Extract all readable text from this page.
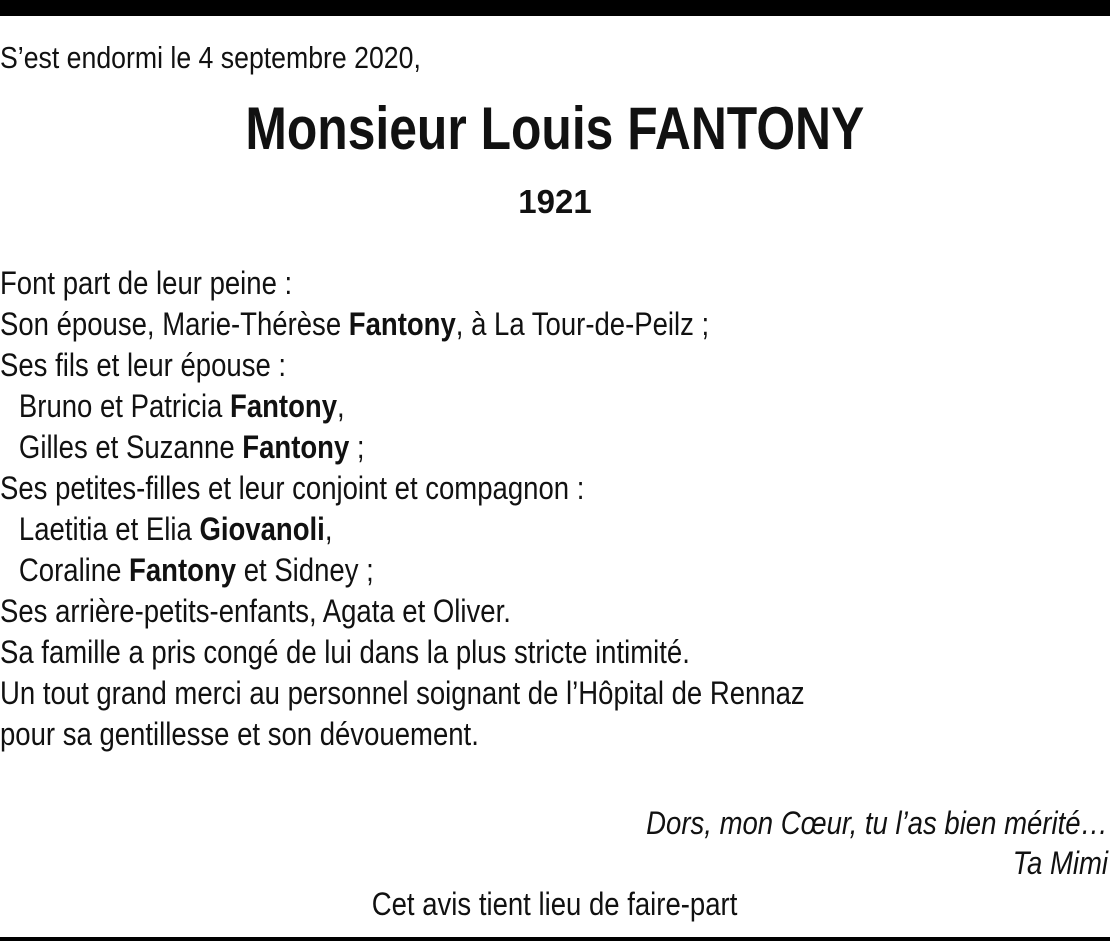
S’est endormi le 4 septembre 2020,
Monsieur Louis FANTONY
1921
Font part de leur peine :
Son épouse, Marie-Thérèse Fantony, à La Tour-de-Peilz ;
Ses fils et leur épouse :
Bruno et Patricia Fantony,
Gilles et Suzanne Fantony ;
Ses petites-filles et leur conjoint et compagnon :
Laetitia et Elia Giovanoli,
Coraline Fantony et Sidney ;
Ses arrière-petits-enfants, Agata et Oliver.
Sa famille a pris congé de lui dans la plus stricte intimité.
Un tout grand merci au personnel soignant de l’Hôpital de Rennaz
pour sa gentillesse et son dévouement.
Dors, mon Cœur, tu l’as bien mérité…
Ta Mimi
Cet avis tient lieu de faire-part
